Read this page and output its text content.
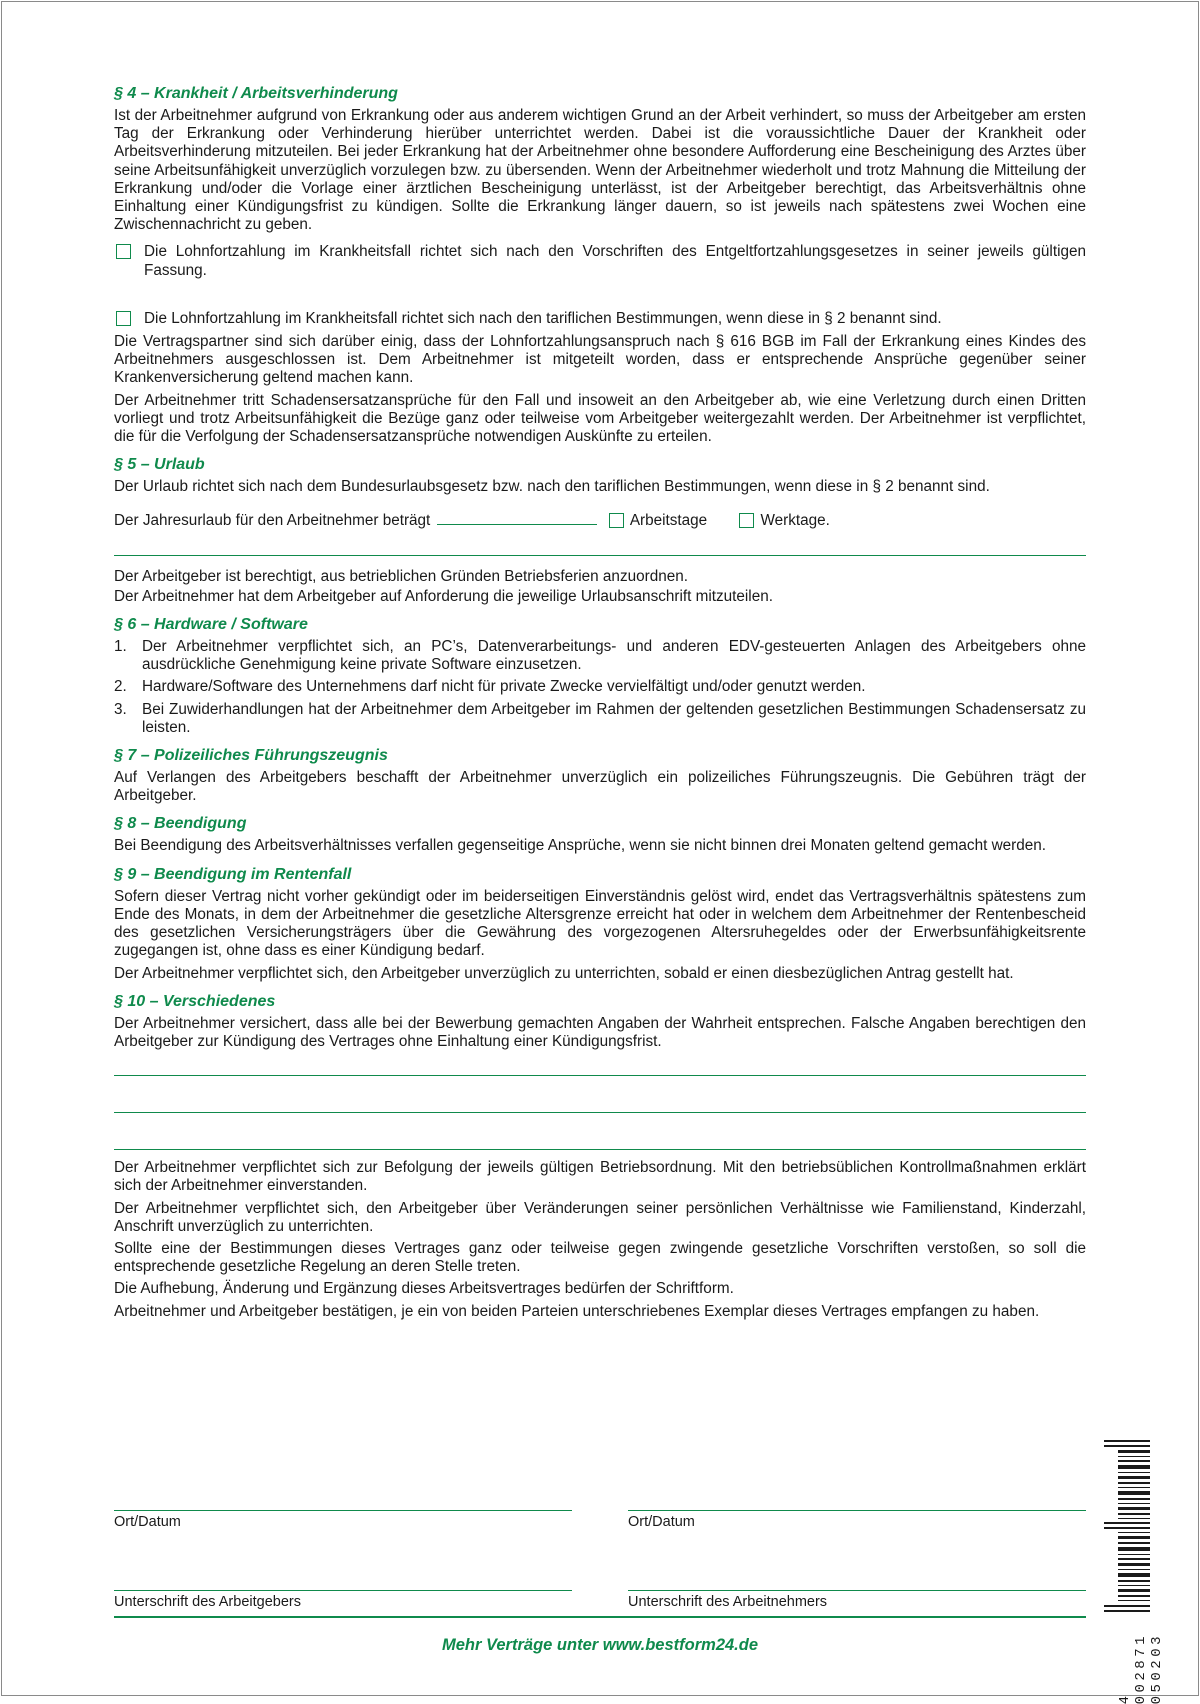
§ 4 – Krankheit / Arbeitsverhinderung
Ist der Arbeitnehmer aufgrund von Erkrankung oder aus anderem wichtigen Grund an der Arbeit verhindert, so muss der Arbeitgeber am ersten Tag der Erkrankung oder Verhinderung hierüber unterrichtet werden. Dabei ist die voraussichtliche Dauer der Krankheit oder Arbeitsverhinderung mitzuteilen. Bei jeder Erkrankung hat der Arbeitnehmer ohne besondere Aufforderung eine Bescheinigung des Arztes über seine Arbeitsunfähigkeit unverzüglich vorzulegen bzw. zu übersenden. Wenn der Arbeitnehmer wiederholt und trotz Mahnung die Mitteilung der Erkrankung und/oder die Vorlage einer ärztlichen Bescheinigung unterlässt, ist der Arbeitgeber berechtigt, das Arbeitsverhältnis ohne Einhaltung einer Kündigungsfrist zu kündigen. Sollte die Erkrankung länger dauern, so ist jeweils nach spätestens zwei Wochen eine Zwischennachricht zu geben.
Die Lohnfortzahlung im Krankheitsfall richtet sich nach den Vorschriften des Entgeltfortzahlungsgesetzes in seiner jeweils gültigen Fassung.
Die Lohnfortzahlung im Krankheitsfall richtet sich nach den tariflichen Bestimmungen, wenn diese in § 2 benannt sind.
Die Vertragspartner sind sich darüber einig, dass der Lohnfortzahlungsanspruch nach § 616 BGB im Fall der Erkrankung eines Kindes des Arbeitnehmers ausgeschlossen ist. Dem Arbeitnehmer ist mitgeteilt worden, dass er entsprechende Ansprüche gegenüber seiner Krankenversicherung geltend machen kann.
Der Arbeitnehmer tritt Schadensersatzansprüche für den Fall und insoweit an den Arbeitgeber ab, wie eine Verletzung durch einen Dritten vorliegt und trotz Arbeitsunfähigkeit die Bezüge ganz oder teilweise vom Arbeitgeber weitergezahlt werden. Der Arbeitnehmer ist verpflichtet, die für die Verfolgung der Schadensersatzansprüche notwendigen Auskünfte zu erteilen.
§ 5 – Urlaub
Der Urlaub richtet sich nach dem Bundesurlaubsgesetz bzw. nach den tariflichen Bestimmungen, wenn diese in § 2 benannt sind.
Der Jahresurlaub für den Arbeitnehmer beträgt	Arbeitstage	Werktage.
Der Arbeitgeber ist berechtigt, aus betrieblichen Gründen Betriebsferien anzuordnen.
Der Arbeitnehmer hat dem Arbeitgeber auf Anforderung die jeweilige Urlaubsanschrift mitzuteilen.
§ 6 – Hardware / Software
1. Der Arbeitnehmer verpflichtet sich, an PC’s, Datenverarbeitungs- und anderen EDV-gesteuerten Anlagen des Arbeitgebers ohne ausdrückliche Genehmigung keine private Software einzusetzen.
2. Hardware/Software des Unternehmens darf nicht für private Zwecke vervielfältigt und/oder genutzt werden.
3. Bei Zuwiderhandlungen hat der Arbeitnehmer dem Arbeitgeber im Rahmen der geltenden gesetzlichen Bestimmungen Schadensersatz zu leisten.
§ 7 – Polizeiliches Führungszeugnis
Auf Verlangen des Arbeitgebers beschafft der Arbeitnehmer unverzüglich ein polizeiliches Führungszeugnis. Die Gebühren trägt der Arbeitgeber.
§ 8 – Beendigung
Bei Beendigung des Arbeitsverhältnisses verfallen gegenseitige Ansprüche, wenn sie nicht binnen drei Monaten geltend gemacht werden.
§ 9 – Beendigung im Rentenfall
Sofern dieser Vertrag nicht vorher gekündigt oder im beiderseitigen Einverständnis gelöst wird, endet das Vertragsverhältnis spätestens zum Ende des Monats, in dem der Arbeitnehmer die gesetzliche Altersgrenze erreicht hat oder in welchem dem Arbeitnehmer der Rentenbescheid des gesetzlichen Versicherungsträgers über die Gewährung des vorgezogenen Altersruhegeldes oder der Erwerbsunfähigkeitsrente zugegangen ist, ohne dass es einer Kündigung bedarf.
Der Arbeitnehmer verpflichtet sich, den Arbeitgeber unverzüglich zu unterrichten, sobald er einen diesbezüglichen Antrag gestellt hat.
§ 10 – Verschiedenes
Der Arbeitnehmer versichert, dass alle bei der Bewerbung gemachten Angaben der Wahrheit entsprechen. Falsche Angaben berechtigen den Arbeitgeber zur Kündigung des Vertrages ohne Einhaltung einer Kündigungsfrist.
Der Arbeitnehmer verpflichtet sich zur Befolgung der jeweils gültigen Betriebsordnung. Mit den betriebsüblichen Kontrollmaßnahmen erklärt sich der Arbeitnehmer einverstanden.
Der Arbeitnehmer verpflichtet sich, den Arbeitgeber über Veränderungen seiner persönlichen Verhältnisse wie Familienstand, Kinderzahl, Anschrift unverzüglich zu unterrichten.
Sollte eine der Bestimmungen dieses Vertrages ganz oder teilweise gegen zwingende gesetzliche Vorschriften verstoßen, so soll die entsprechende gesetzliche Regelung an deren Stelle treten.
Die Aufhebung, Änderung und Ergänzung dieses Arbeitsvertrages bedürfen der Schriftform.
Arbeitnehmer und Arbeitgeber bestätigen, je ein von beiden Parteien unterschriebenes Exemplar dieses Vertrages empfangen zu haben.
Ort/Datum
Unterschrift des Arbeitgebers
Ort/Datum
Unterschrift des Arbeitnehmers
Mehr Verträge unter www.bestform24.de
4 002871 050203
